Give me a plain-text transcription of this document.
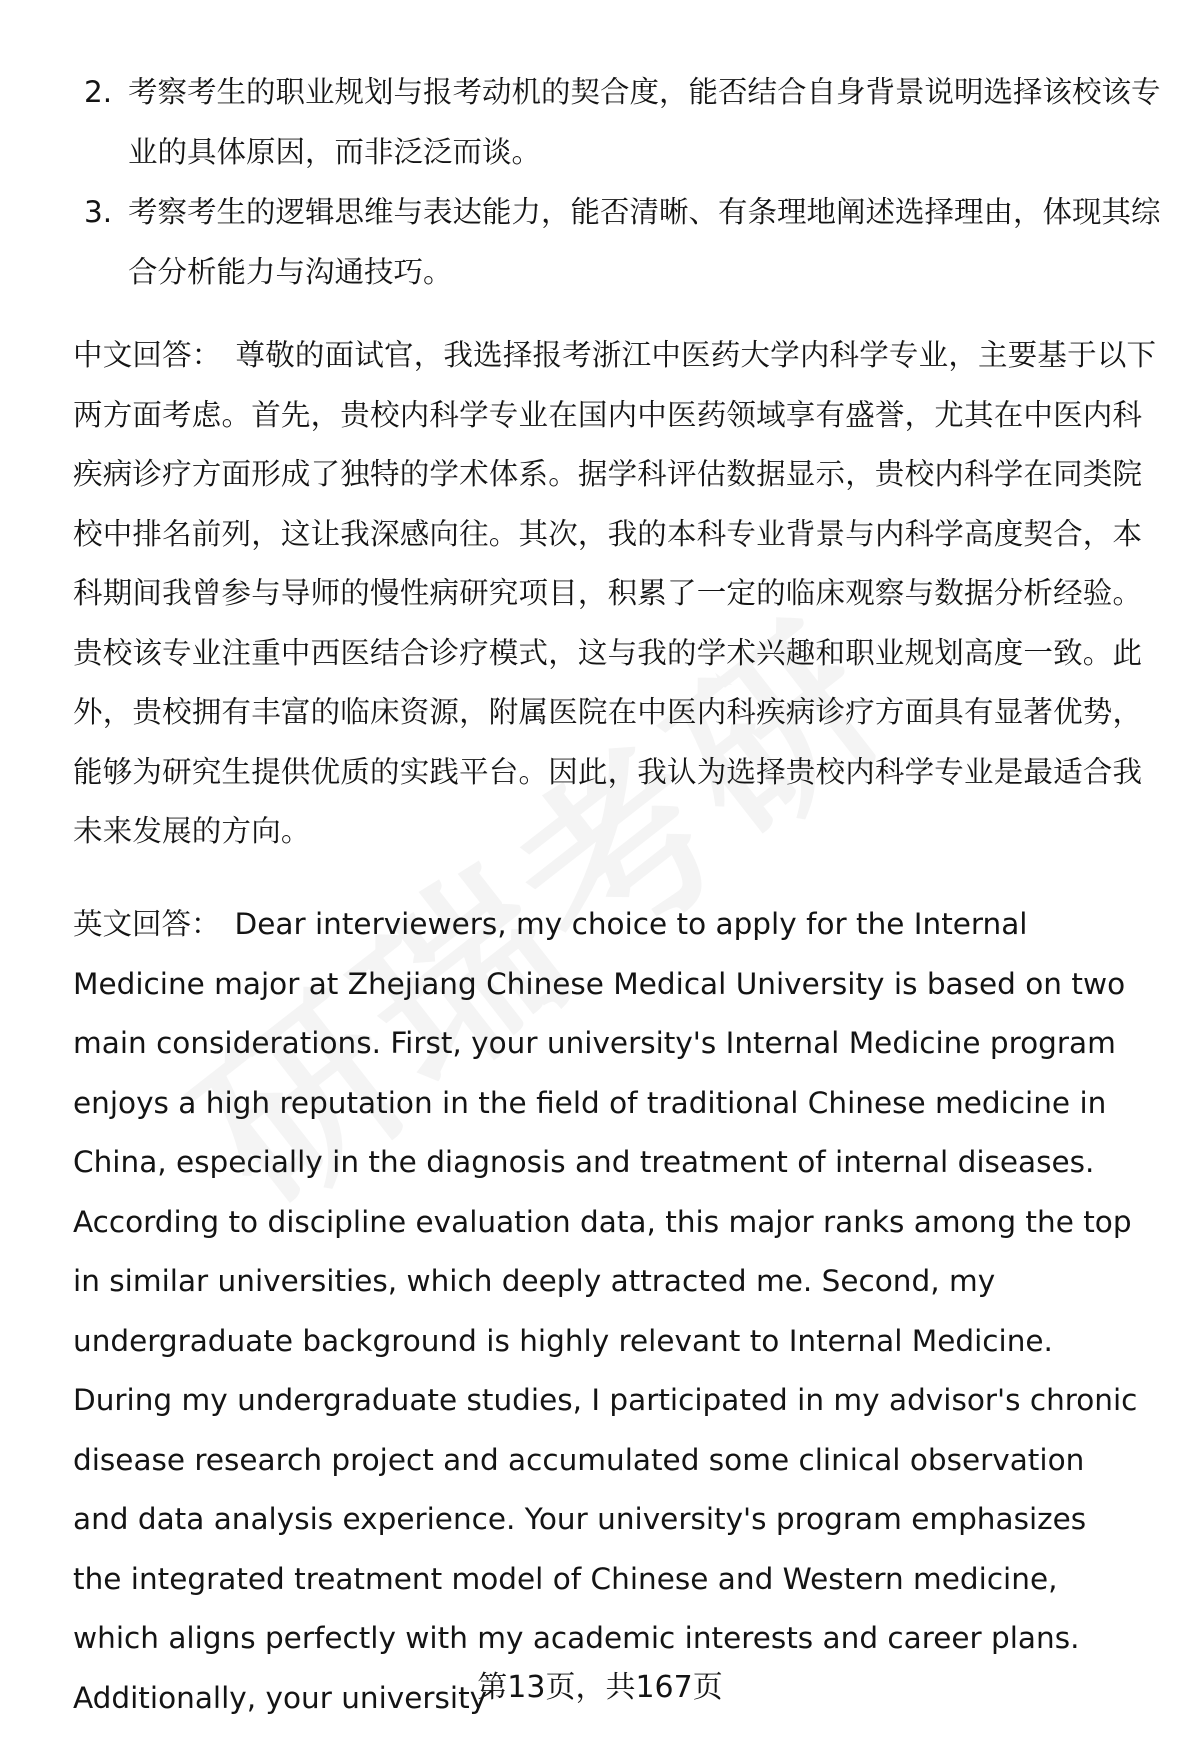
2. 考察考生的职业规划与报考动机的契合度，能否结合自身背景说明选择该校该专业的具体原因，而非泛泛而谈。
3. 考察考生的逻辑思维与表达能力，能否清晰、有条理地阐述选择理由，体现其综合分析能力与沟通技巧。

中文回答： 尊敬的面试官，我选择报考浙江中医药大学内科学专业，主要基于以下两方面考虑。首先，贵校内科学专业在国内中医药领域享有盛誉，尤其在中医内科疾病诊疗方面形成了独特的学术体系。据学科评估数据显示，贵校内科学在同类院校中排名前列，这让我深感向往。其次，我的本科专业背景与内科学高度契合，本科期间我曾参与导师的慢性病研究项目，积累了一定的临床观察与数据分析经验。贵校该专业注重中西医结合诊疗模式，这与我的学术兴趣和职业规划高度一致。此外，贵校拥有丰富的临床资源，附属医院在中医内科疾病诊疗方面具有显著优势，能够为研究生提供优质的实践平台。因此，我认为选择贵校内科学专业是最适合我未来发展的方向。

英文回答： Dear interviewers, my choice to apply for the Internal Medicine major at Zhejiang Chinese Medical University is based on two main considerations. First, your university's Internal Medicine program enjoys a high reputation in the field of traditional Chinese medicine in China, especially in the diagnosis and treatment of internal diseases. According to discipline evaluation data, this major ranks among the top in similar universities, which deeply attracted me. Second, my undergraduate background is highly relevant to Internal Medicine. During my undergraduate studies, I participated in my advisor's chronic disease research project and accumulated some clinical observation and data analysis experience. Your university's program emphasizes the integrated treatment model of Chinese and Western medicine, which aligns perfectly with my academic interests and career plans. Additionally, your university

第13页，共167页
